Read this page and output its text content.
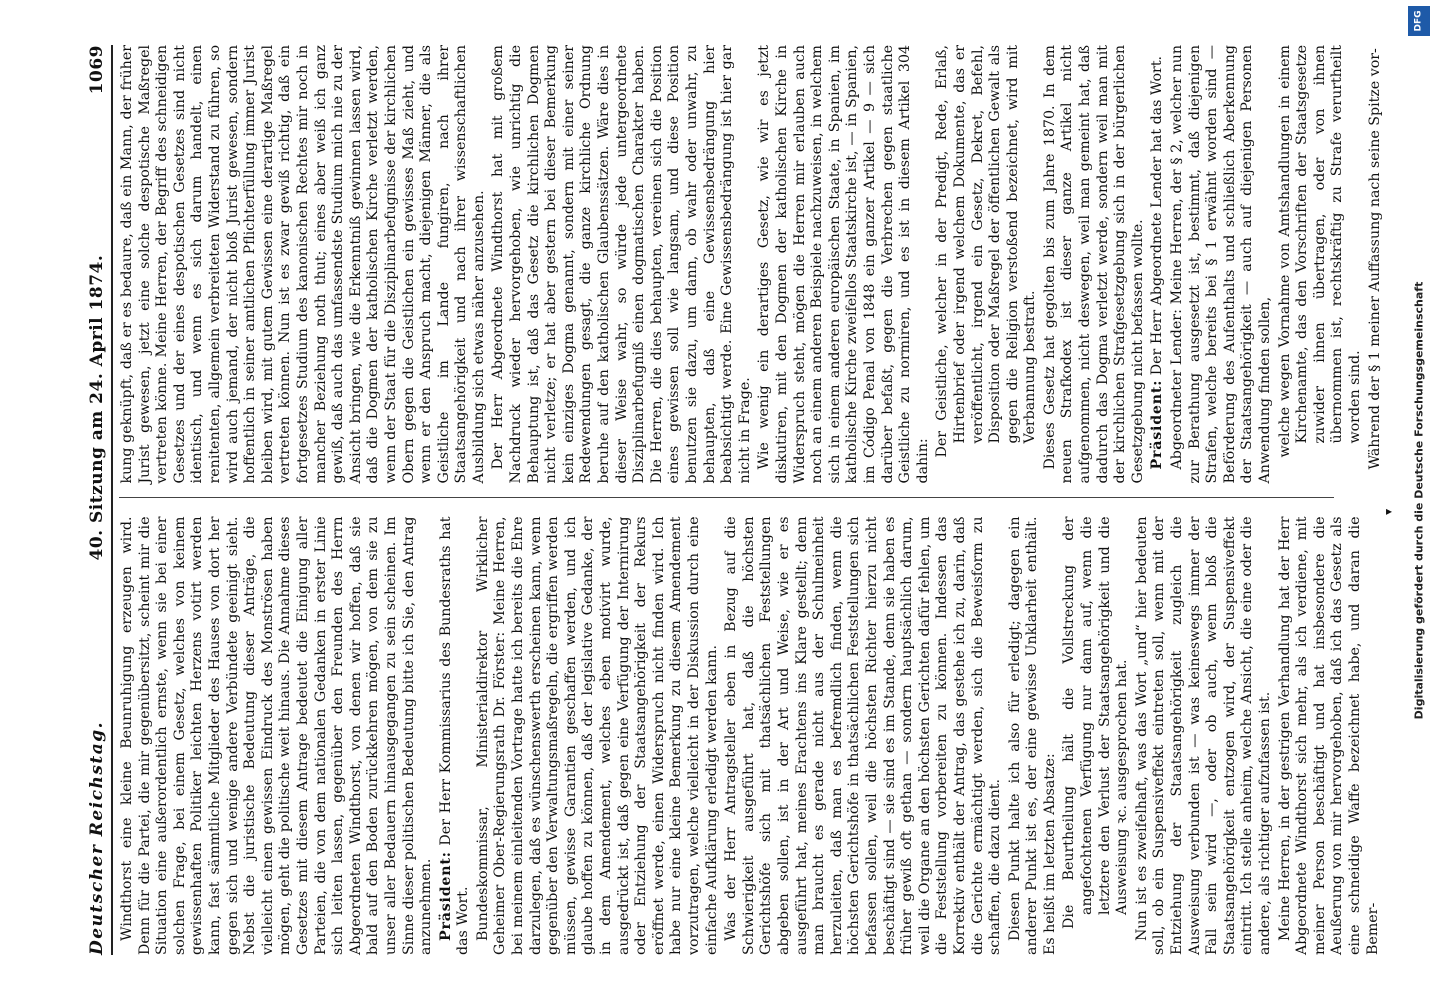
Deutscher Reichstag.
40. Sitzung am 24. April 1874.
1069

Windthorst eine kleine Beunruhigung erzeugen wird. Denn für die Partei, die mir gegenübersitzt, scheint mir die Situation eine außerordentlich ernste, wenn sie bei einer solchen Frage, bei einem Gesetz, welches von keinem gewissenhaften Politiker leichten Herzens votirt werden kann, fast sämmtliche Mitglieder des Hauses von dort her gegen sich und wenige andere Verbündete geeinigt sieht. Nebst die juristische Bedeutung dieser Anträge, die vielleicht einen gewissen Eindruck des Monströsen haben mögen, geht die politische weit hinaus. Die Annahme dieses Gesetzes mit diesem Antrage bedeutet die Einigung aller Parteien, die von dem nationalen Gedanken in erster Linie sich leiten lassen, gegenüber den Freunden des Herrn Abgeordneten Windthorst, von denen wir hoffen, daß sie bald auf den Boden zurückkehren mögen, von dem sie zu unser aller Bedauern hinausgegangen zu sein scheinen. Im Sinne dieser politischen Bedeutung bitte ich Sie, den Antrag anzunehmen. Präsident: Der Herr Kommissarius des Bundesraths hat das Wort. Bundeskommissar, Ministerialdirektor Wirklicher Geheimer Ober-Regierungsrath Dr. Förster: Meine Herren, bei meinem einleitenden Vortrage hatte ich bereits die Ehre darzulegen, daß es wünschenswerth erscheinen kann, wenn gegenüber den Verwaltungsmaßregeln, die ergriffen werden müssen, gewisse Garantien geschaffen werden, und ich glaube hoffen zu können, daß der legislative Gedanke, der in dem Amendement, welches eben motivirt wurde, ausgedrückt ist, daß gegen eine Verfügung der Internirung oder Entziehung der Staatsangehörigkeit der Rekurs eröffnet werde, einen Widerspruch nicht finden wird. Ich habe nur eine kleine Bemerkung zu diesem Amendement vorzutragen, welche vielleicht in der Diskussion durch eine einfache Aufklärung erledigt werden kann. Was der Herr Antragsteller eben in Bezug auf die Schwierigkeit ausgeführt hat, daß die höchsten Gerichtshöfe sich mit thatsächlichen Feststellungen abgeben sollen, ist in der Art und Weise, wie er es ausgeführt hat, meines Erachtens ins Klare gestellt; denn man braucht es gerade nicht aus der Schulmeinheit herzuleiten, daß man es befremdlich finden, wenn die höchsten Gerichtshöfe in thatsächlichen Feststellungen sich befassen sollen, weil die höchsten Richter hierzu nicht beschäftigt sind — sie sind es im Stande, denn sie haben es früher gewiß oft gethan — sondern hauptsächlich darum, weil die Organe an den höchsten Gerichten dafür fehlen, um die Feststellung vorbereiten zu können. Indessen das Korrektiv enthält der Antrag, das gestehe ich zu, darin, daß die Gerichte ermächtigt werden, sich die Beweisform zu schaffen, die dazu dient. Diesen Punkt halte ich also für erledigt; dagegen ein anderer Punkt ist es, der eine gewisse Unklarheit enthält. Es heißt im letzten Absatze: Die Beurtheilung hält die Vollstreckung der angefochtenen Verfügung nur dann auf, wenn die letztere den Verlust der Staatsangehörigkeit und die Ausweisung ꝛc. ausgesprochen hat. Nun ist es zweifelhaft, was das Wort „und“ hier bedeuten soll, ob ein Suspensiveffekt eintreten soll, wenn mit der Entziehung der Staatsangehörigkeit zugleich die Ausweisung verbunden ist — was keineswegs immer der Fall sein wird —, oder ob auch, wenn bloß die Staatsangehörigkeit entzogen wird, der Suspensiveffekt eintritt. Ich stelle anheim, welche Ansicht, die eine oder die andere, als richtiger aufzufassen ist. Meine Herren, in der gestrigen Verhandlung hat der Herr Abgeordnete Windthorst sich mehr, als ich verdiene, mit meiner Person beschäftigt und hat insbesondere die Aeußerung von mir hervorgehoben, daß ich das Gesetz als eine schneidige Waffe bezeichnet habe, und daran die Bemer-

kung geknüpft, daß er es bedaure, daß ein Mann, der früher Jurist gewesen, jetzt eine solche despotische Maßregel vertreten könne. Meine Herren, der Begriff des schneidigen Gesetzes und der eines despotischen Gesetzes sind nicht identisch, und wenn es sich darum handelt, einen renitenten, allgemein verbreiteten Widerstand zu führen, so wird auch jemand, der nicht bloß Jurist gewesen, sondern hoffentlich in seiner amtlichen Pflichterfüllung immer Jurist bleiben wird, mit gutem Gewissen eine derartige Maßregel vertreten können. Nun ist es zwar gewiß richtig, daß ein fortgesetzes Studium des kanonischen Rechtes mir noch in mancher Beziehung noth thut; eines aber weiß ich ganz gewiß, daß auch das umfassendste Studium mich nie zu der Ansicht bringen, wie die Erkenntniß gewinnen lassen wird, daß die Dogmen der katholischen Kirche verletzt werden, wenn der Staat für die Disziplinarbefugnisse der kirchlichen Obern gegen die Geistlichen ein gewisses Maß zieht, und wenn er den Anspruch macht, diejenigen Männer, die als Geistliche im Lande fungiren, nach ihrer Staatsangehörigkeit und nach ihrer wissenschaftlichen Ausbildung sich etwas näher anzusehen. Der Herr Abgeordnete Windthorst hat mit großem Nachdruck wieder hervorgehoben, wie unrichtig die Behauptung ist, daß das Gesetz die kirchlichen Dogmen nicht verletze; er hat aber gestern bei dieser Bemerkung kein einziges Dogma genannt, sondern mit einer seiner Redewendungen gesagt, die ganze kirchliche Ordnung beruhe auf den katholischen Glaubenssätzen. Wäre dies in dieser Weise wahr, so würde jede untergeordnete Disziplinarbefugniß einen dogmatischen Charakter haben. Die Herren, die dies behaupten, vereinen sich die Position eines gewissen soll wie langsam, und diese Position benutzen sie dazu, um dann, ob wahr oder unwahr, zu behaupten, daß eine Gewissensbedrängung hier beabsichtigt werde. Eine Gewissensbedrängung ist hier gar nicht in Frage. Wie wenig ein derartiges Gesetz, wie wir es jetzt diskutiren, mit den Dogmen der katholischen Kirche in Widerspruch steht, mögen die Herren mir erlauben auch noch an einem anderen Beispiele nachzuweisen, in welchem sich in einem anderen europäischen Staate, in Spanien, im katholische Kirche zweifellos Staatskirche ist, — in Spanien, im Código Penal von 1848 ein ganzer Artikel — 9 — sich darüber befaßt, gegen die Verbrechen gegen staatliche Geistliche zu normiren, und es ist in diesem Artikel 304 dahin:

Der Geistliche, welcher in der Predigt, Rede, Erlaß, Hirtenbrief oder irgend welchem Dokumente, das er veröffentlicht, irgend ein Gesetz, Dekret, Befehl, Disposition oder Maßregel der öffentlichen Gewalt als gegen die Religion verstoßend bezeichnet, wird mit Verbannung bestraft. Dieses Gesetz hat gegolten bis zum Jahre 1870. In dem neuen Strafkodex ist dieser ganze Artikel nicht aufgenommen, nicht deswegen, weil man gemeint hat, daß dadurch das Dogma verletzt werde, sondern weil man mit der kirchlichen Strafgesetzgebung sich in der bürgerlichen Gesetzgebung nicht befassen wollte. Präsident: Der Herr Abgeordnete Lender hat das Wort. Abgeordneter Lender: Meine Herren, der § 2, welcher nun zur Berathung ausgesetzt ist, bestimmt, daß diejenigen Strafen, welche bereits bei § 1 erwähnt worden sind — Beförderung des Aufenthalts und schließlich Aberkennung der Staatsangehörigkeit — auch auf diejenigen Personen Anwendung finden sollen, welche wegen Vornahme von Amtshandlungen in einem Kirchenamte, das den Vorschriften der Staatsgesetze zuwider ihnen übertragen, oder von ihnen übernommen ist, rechtskräftig zu Strafe verurtheilt worden sind. Während der § 1 meiner Auffassung nach seine Spitze vor-

▸
DFG
Digitalisierung gefördert durch die Deutsche Forschungsgemeinschaft
